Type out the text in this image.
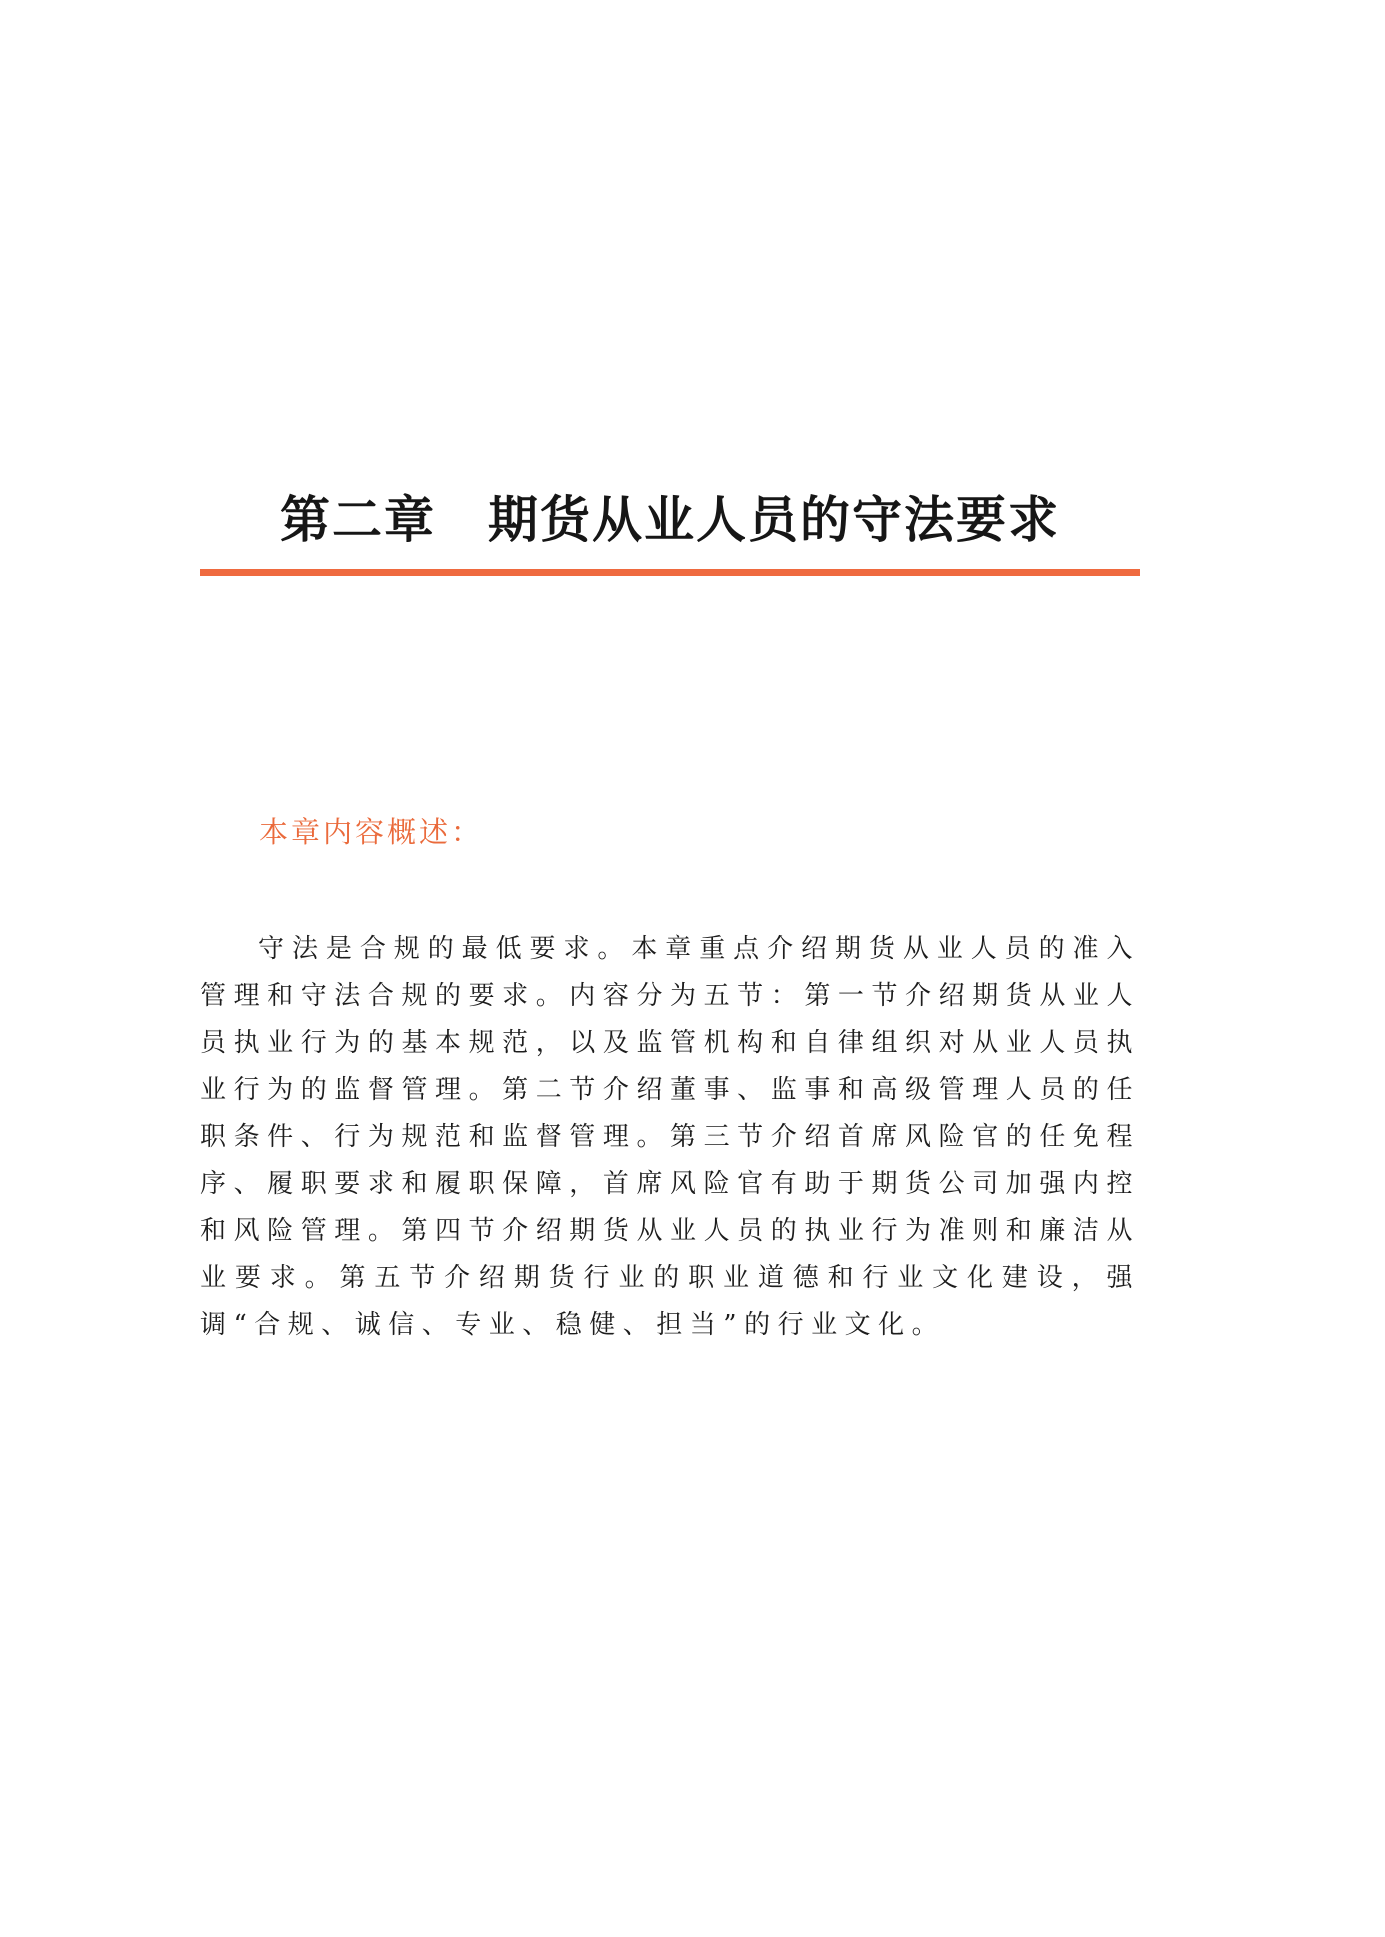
第二章 期货从业人员的守法要求
本章内容概述：

守法是合规的最低要求。本章重点介绍期货从业人员的准入管理和守法合规的要求。内容分为五节：第一节介绍期货从业人员执业行为的基本规范，以及监管机构和自律组织对从业人员执业行为的监督管理。第二节介绍董事、监事和高级管理人员的任职条件、行为规范和监督管理。第三节介绍首席风险官的任免程序、履职要求和履职保障，首席风险官有助于期货公司加强内控和风险管理。第四节介绍期货从业人员的执业行为准则和廉洁从业要求。第五节介绍期货行业的职业道德和行业文化建设，强调“合规、诚信、专业、稳健、担当”的行业文化。
